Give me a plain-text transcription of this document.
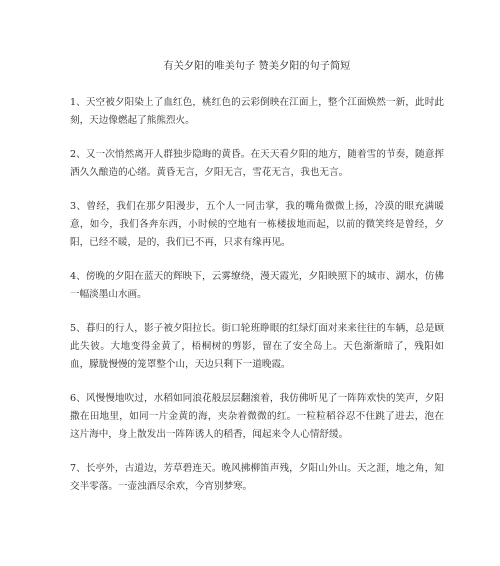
有关夕阳的唯美句子 赞美夕阳的句子简短

1、天空被夕阳染上了血红色，桃红色的云彩倒映在江面上，整个江面焕然一新，此时此刻，天边像燃起了熊熊烈火。

2、又一次悄然离开人群独步隐晦的黄昏。在天天看夕阳的地方，随着雪的节奏，随意挥洒久久酿造的心绪。黄昏无言，夕阳无言，雪花无言，我也无言。

3、曾经，我们在那夕阳漫步，五个人一同击掌，我的嘴角微微上扬，冷漠的眼充满暖意，如今，我们各奔东西，小时候的空地有一栋楼拔地而起，以前的微笑终是曾经，夕阳，已经不暖，是的，我们已不再，只求有缘再见。

4、傍晚的夕阳在蓝天的辉映下，云雾缭绕，漫天霞光，夕阳映照下的城市、湖水，仿佛一幅淡墨山水画。

5、暮归的行人，影子被夕阳拉长。街口轮班睁眼的红绿灯面对来来往往的车辆，总是顾此失彼。大地变得金黄了，梧桐树的剪影，留在了安全岛上。天色渐渐暗了，残阳如血，朦胧慢慢的笼罩整个山，天边只剩下一道晚霞。

6、风慢慢地吹过，水稻如同浪花般层层翻滚着，我仿佛听见了一阵阵欢快的笑声，夕阳撒在田地里，如同一片金黄的海，夹杂着微微的红。一粒粒稻谷忍不住跳了进去，泡在这片海中，身上散发出一阵阵诱人的稻香，闻起来令人心情舒缓。

7、长亭外，古道边，芳草碧连天。晚风拂柳笛声残，夕阳山外山。天之涯，地之角，知交半零落。一壶浊酒尽余欢，今宵别梦寒。
